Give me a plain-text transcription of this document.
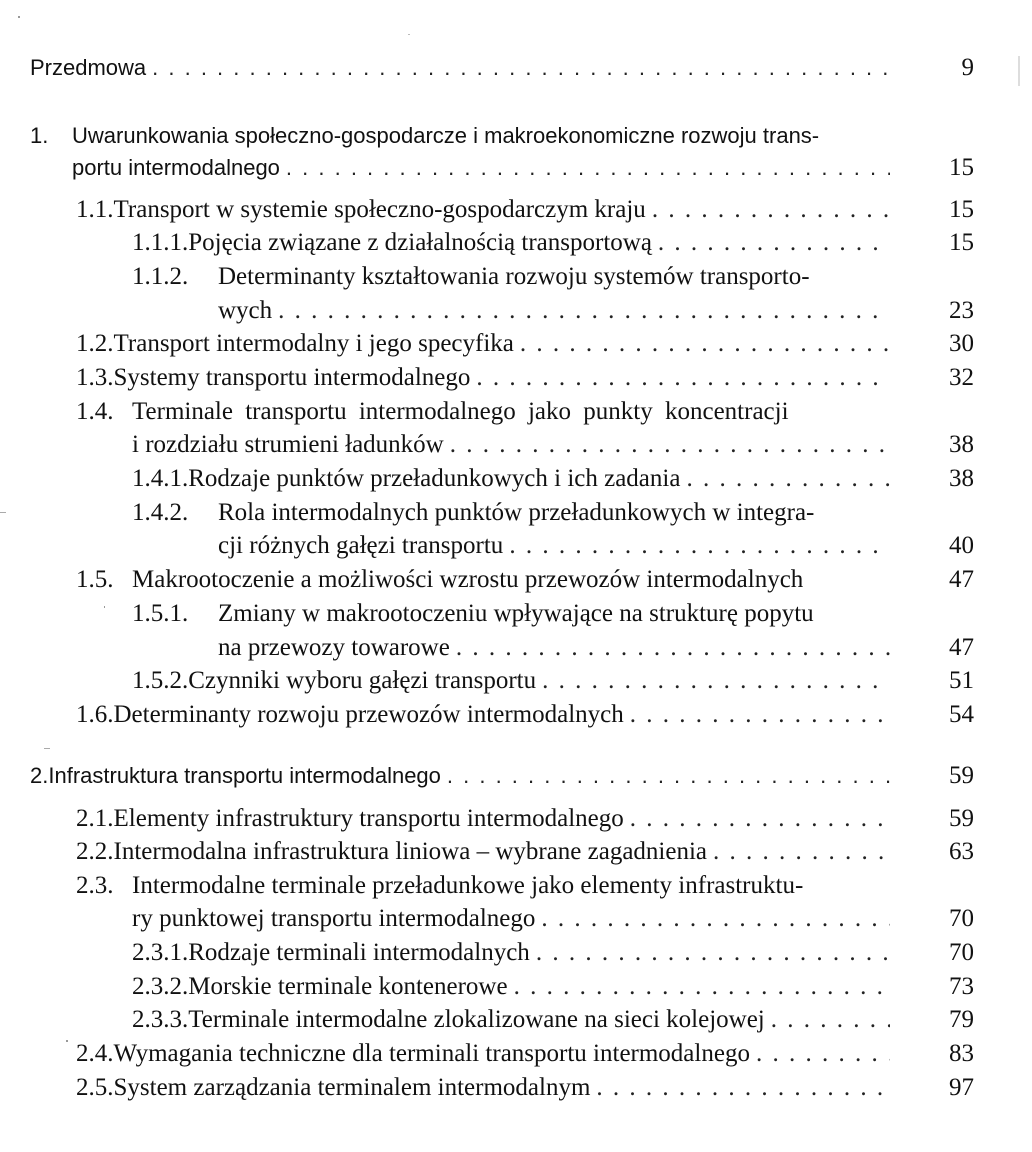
Przedmowa . . .	9
1.	Uwarunkowania społeczno-gospodarcze i makroekonomiczne rozwoju trans-
portu intermodalnego . . .	15
1.1. Transport w systemie społeczno-gospodarczym kraju . . .	15
1.1.1. Pojęcia związane z działalnością transportową . . .	15
1.1.2.	Determinanty kształtowania rozwoju systemów transporto-
wych . . .	23
1.2. Transport intermodalny i jego specyfika . . .	30
1.3. Systemy transportu intermodalnego . . .	32
1.4. Terminale transportu intermodalnego jako punkty koncentracji
i rozdziału strumieni ładunków . . .	38
1.4.1. Rodzaje punktów przeładunkowych i ich zadania . . .	38
1.4.2.	Rola intermodalnych punktów przeładunkowych w integra-
cji różnych gałęzi transportu . . .	40
1.5. Makrootoczenie a możliwości wzrostu przewozów intermodalnych	47
1.5.1.	Zmiany w makrootoczeniu wpływające na strukturę popytu
na przewozy towarowe . . .	47
1.5.2. Czynniki wyboru gałęzi transportu . . .	51
1.6. Determinanty rozwoju przewozów intermodalnych . . .	54
2. Infrastruktura transportu intermodalnego . . .	59
2.1. Elementy infrastruktury transportu intermodalnego . . .	59
2.2. Intermodalna infrastruktura liniowa – wybrane zagadnienia . . .	63
2.3. Intermodalne terminale przeładunkowe jako elementy infrastruktu-
ry punktowej transportu intermodalnego . . .	70
2.3.1. Rodzaje terminali intermodalnych . . .	70
2.3.2. Morskie terminale kontenerowe . . .	73
2.3.3. Terminale intermodalne zlokalizowane na sieci kolejowej . . .	79
2.4. Wymagania techniczne dla terminali transportu intermodalnego . . .	83
2.5. System zarządzania terminalem intermodalnym . . .	97
